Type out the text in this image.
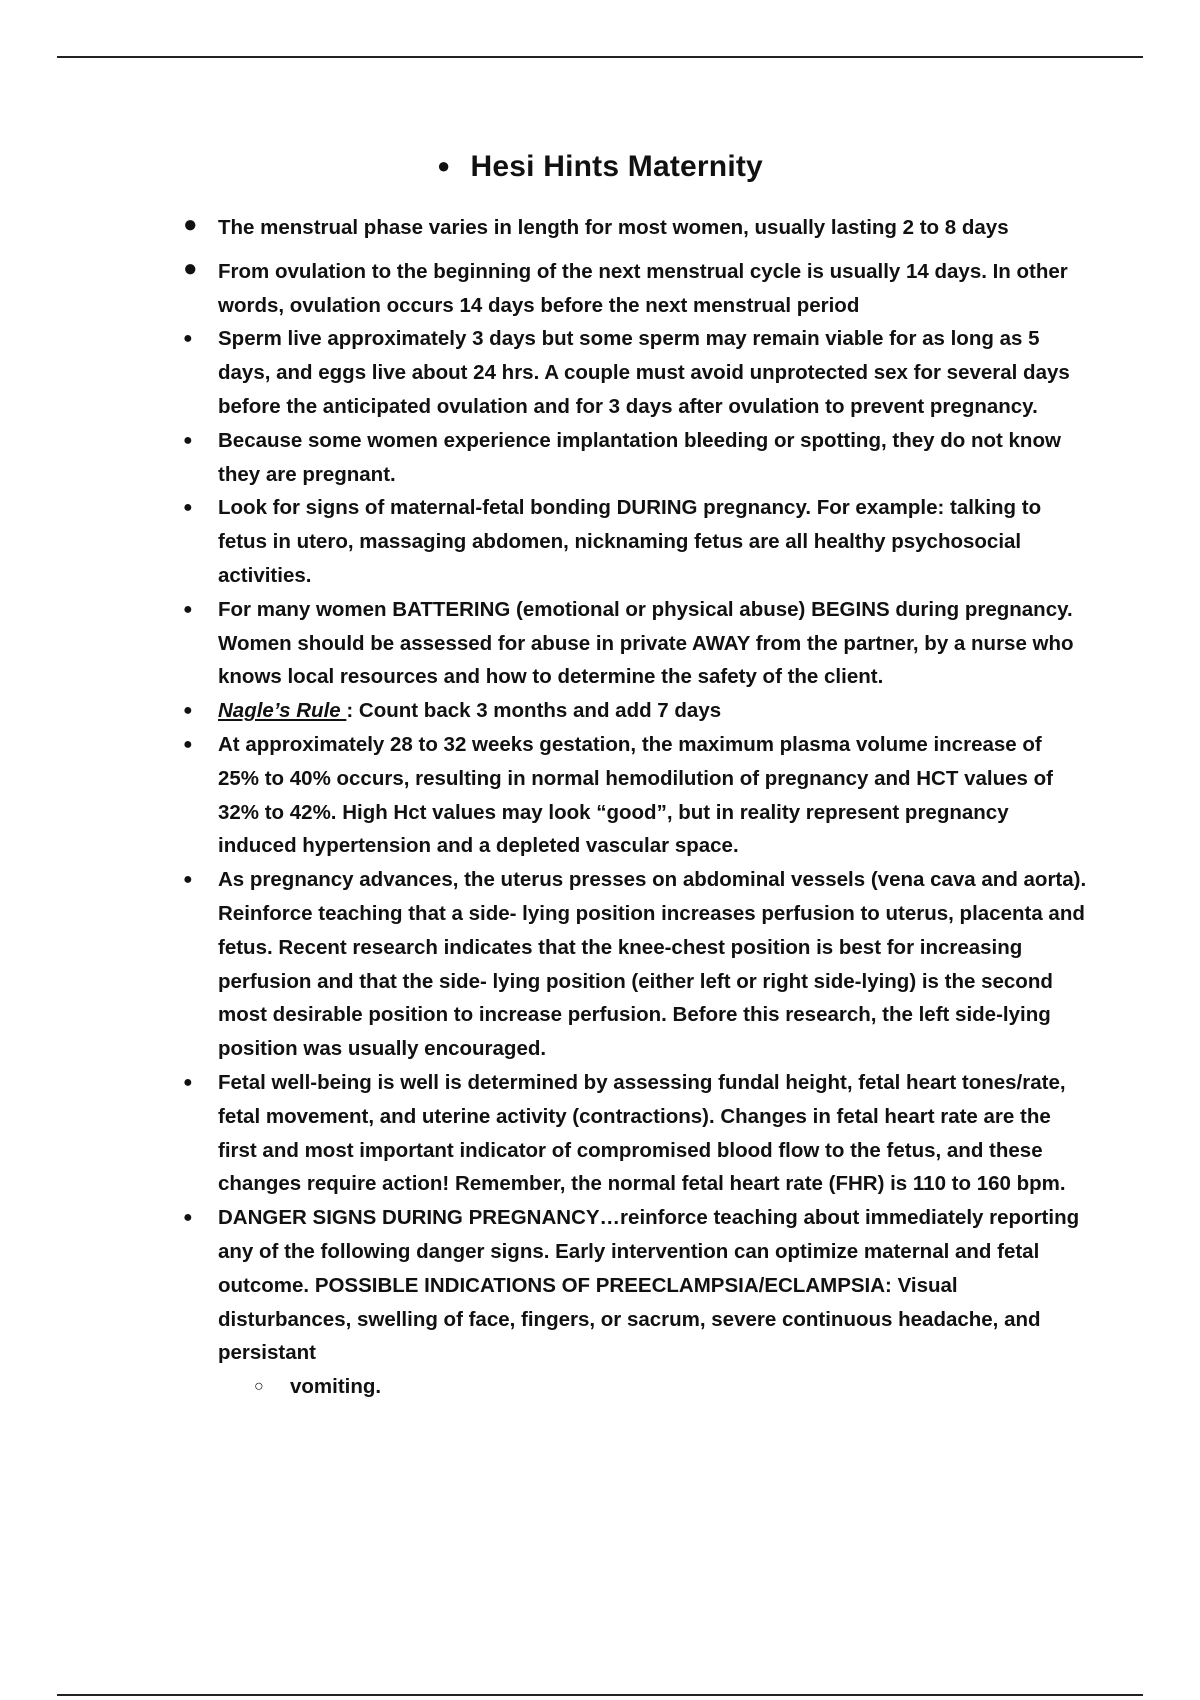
● Hesi Hints Maternity
● The menstrual phase varies in length for most women, usually lasting 2 to 8 days
● From ovulation to the beginning of the next menstrual cycle is usually 14 days. In other words, ovulation occurs 14 days before the next menstrual period
● Sperm live approximately 3 days but some sperm may remain viable for as long as 5 days, and eggs live about 24 hrs. A couple must avoid unprotected sex for several days before the anticipated ovulation and for 3 days after ovulation to prevent pregnancy.
● Because some women experience implantation bleeding or spotting, they do not know they are pregnant.
● Look for signs of maternal-fetal bonding DURING pregnancy. For example: talking to fetus in utero, massaging abdomen, nicknaming fetus are all healthy psychosocial activities.
● For many women BATTERING (emotional or physical abuse) BEGINS during pregnancy. Women should be assessed for abuse in private AWAY from the partner, by a nurse who knows local resources and how to determine the safety of the client.
● Nagle’s Rule : Count back 3 months and add 7 days
● At approximately 28 to 32 weeks gestation, the maximum plasma volume increase of 25% to 40% occurs, resulting in normal hemodilution of pregnancy and HCT values of 32% to 42%. High Hct values may look “good”, but in reality represent pregnancy induced hypertension and a depleted vascular space.
● As pregnancy advances, the uterus presses on abdominal vessels (vena cava and aorta). Reinforce teaching that a side- lying position increases perfusion to uterus, placenta and fetus. Recent research indicates that the knee-chest position is best for increasing perfusion and that the side- lying position (either left or right side-lying) is the second most desirable position to increase perfusion. Before this research, the left side-lying position was usually encouraged.
● Fetal well-being is well is determined by assessing fundal height, fetal heart tones/rate, fetal movement, and uterine activity (contractions). Changes in fetal heart rate are the first and most important indicator of compromised blood flow to the fetus, and these changes require action! Remember, the normal fetal heart rate (FHR) is 110 to 160 bpm.
● DANGER SIGNS DURING PREGNANCY…reinforce teaching about immediately reporting any of the following danger signs. Early intervention can optimize maternal and fetal outcome. POSSIBLE INDICATIONS OF PREECLAMPSIA/ECLAMPSIA: Visual disturbances, swelling of face, fingers, or sacrum, severe continuous headache, and persistant
○ vomiting.
